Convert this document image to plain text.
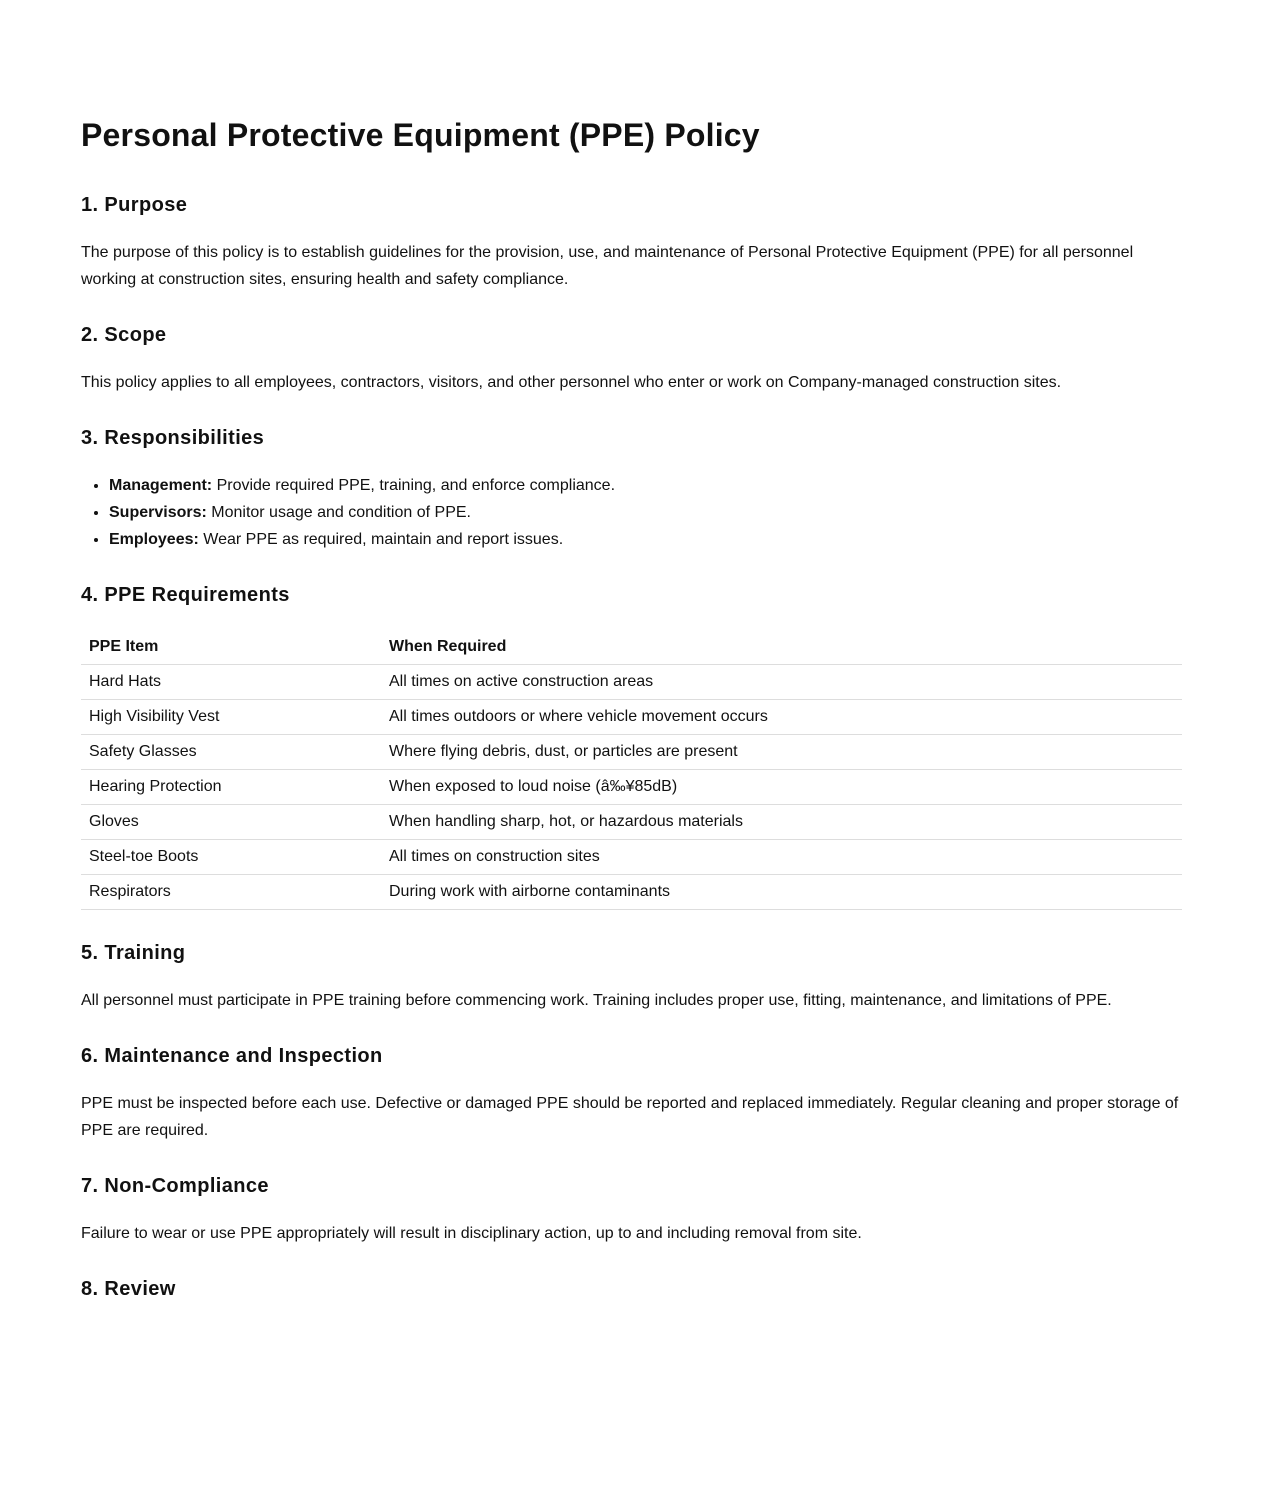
Personal Protective Equipment (PPE) Policy
1. Purpose

The purpose of this policy is to establish guidelines for the provision, use, and maintenance of Personal Protective Equipment (PPE) for all personnel working at construction sites, ensuring health and safety compliance.

2. Scope

This policy applies to all employees, contractors, visitors, and other personnel who enter or work on Company-managed construction sites.

3. Responsibilities
• Management: Provide required PPE, training, and enforce compliance.
• Supervisors: Monitor usage and condition of PPE.
• Employees: Wear PPE as required, maintain and report issues.
4. PPE Requirements
PPE Item	When Required
Hard Hats	All times on active construction areas
High Visibility Vest	All times outdoors or where vehicle movement occurs
Safety Glasses	Where flying debris, dust, or particles are present
Hearing Protection	When exposed to loud noise (â‰¥85dB)
Gloves	When handling sharp, hot, or hazardous materials
Steel-toe Boots	All times on construction sites
Respirators	During work with airborne contaminants
5. Training

All personnel must participate in PPE training before commencing work. Training includes proper use, fitting, maintenance, and limitations of PPE.

6. Maintenance and Inspection

PPE must be inspected before each use. Defective or damaged PPE should be reported and replaced immediately. Regular cleaning and proper storage of PPE are required.

7. Non-Compliance

Failure to wear or use PPE appropriately will result in disciplinary action, up to and including removal from site.

8. Review
